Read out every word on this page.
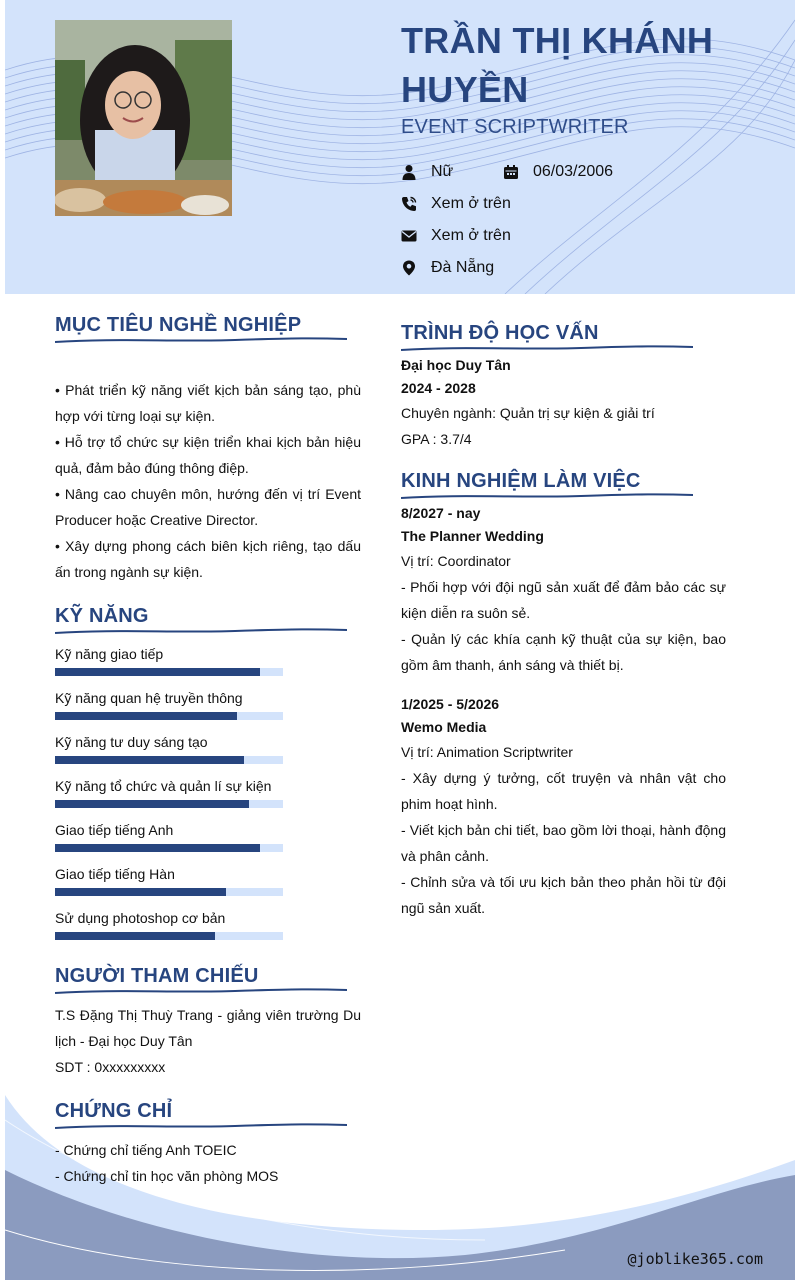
TRẦN THỊ KHÁNH HUYỀN
EVENT SCRIPTWRITER
Nữ	06/03/2006
Xem ở trên
Xem ở trên
Đà Nẵng
MỤC TIÊU NGHỀ NGHIỆP

• Phát triển kỹ năng viết kịch bản sáng tạo, phù hợp với từng loại sự kiện.

• Hỗ trợ tổ chức sự kiện triển khai kịch bản hiệu quả, đảm bảo đúng thông điệp.

• Nâng cao chuyên môn, hướng đến vị trí Event Producer hoặc Creative Director.

• Xây dựng phong cách biên kịch riêng, tạo dấu ấn trong ngành sự kiện.

KỸ NĂNG
Kỹ năng giao tiếp
Kỹ năng quan hệ truyền thông
Kỹ năng tư duy sáng tạo
Kỹ năng tổ chức và quản lí sự kiện
Giao tiếp tiếng Anh
Giao tiếp tiếng Hàn
Sử dụng photoshop cơ bản
NGƯỜI THAM CHIẾU

T.S Đặng Thị Thuỳ Trang - giảng viên trường Du lịch - Đại học Duy Tân

SDT : 0xxxxxxxxx

CHỨNG CHỈ

- Chứng chỉ tiếng Anh TOEIC

- Chứng chỉ tin học văn phòng MOS

TRÌNH ĐỘ HỌC VẤN
Đại học Duy Tân
2024 - 2028
Chuyên ngành: Quản trị sự kiện & giải trí
GPA : 3.7/4
KINH NGHIỆM LÀM VIỆC
8/2027 - nay
The Planner Wedding
Vị trí: Coordinator

- Phối hợp với đội ngũ sản xuất để đảm bảo các sự kiện diễn ra suôn sẻ.

- Quản lý các khía cạnh kỹ thuật của sự kiện, bao gồm âm thanh, ánh sáng và thiết bị.

1/2025 - 5/2026
Wemo Media
Vị trí: Animation Scriptwriter

- Xây dựng ý tưởng, cốt truyện và nhân vật cho phim hoạt hình.

- Viết kịch bản chi tiết, bao gồm lời thoại, hành động và phân cảnh.

- Chỉnh sửa và tối ưu kịch bản theo phản hồi từ đội ngũ sản xuất.

@joblike365.com
